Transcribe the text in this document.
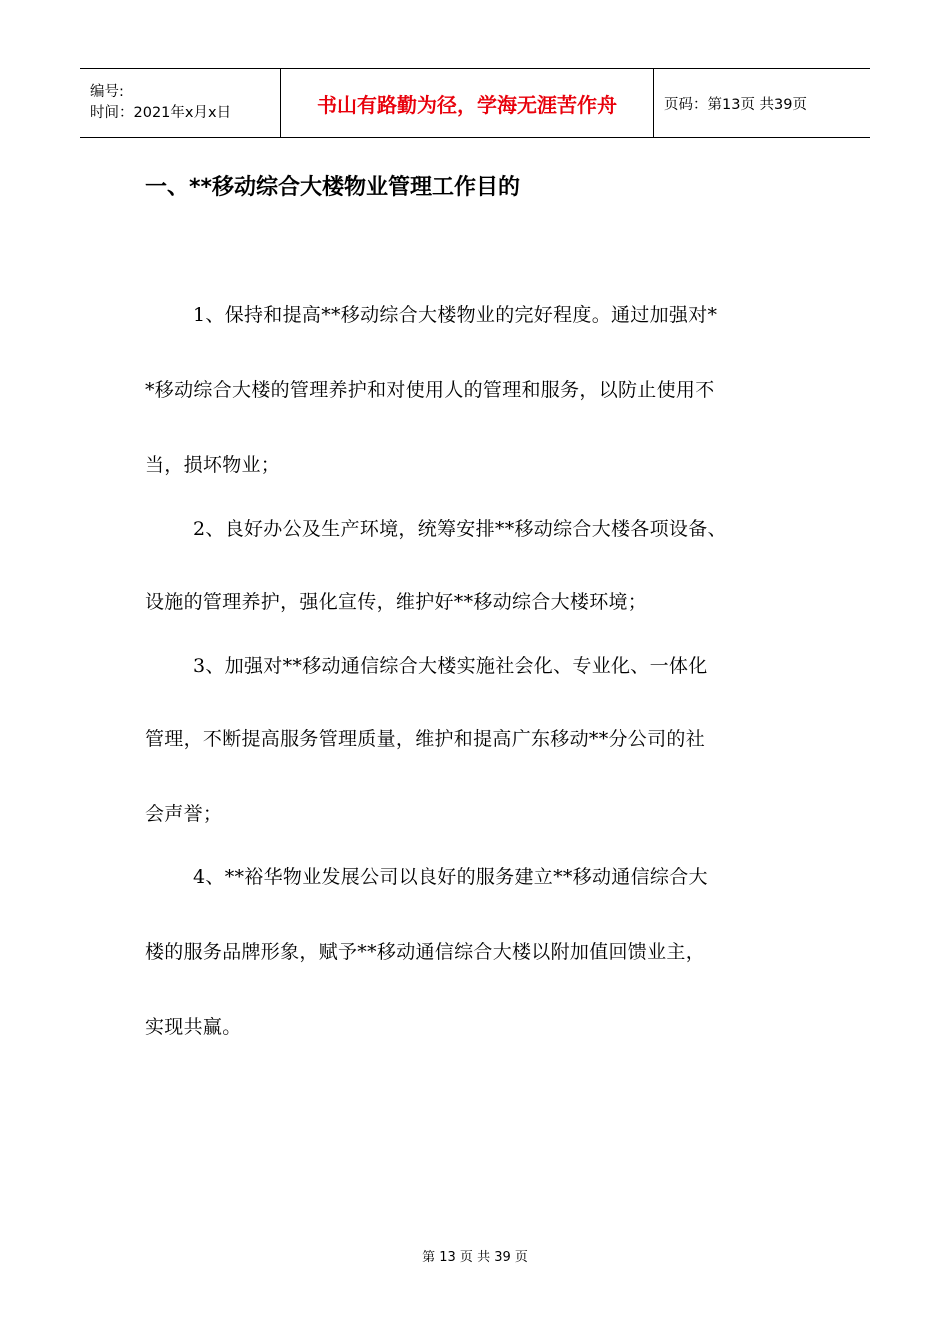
编号:
时间：2021年x月x日	书山有路勤为径，学海无涯苦作舟	页码：第13页 共39页
一、**移动综合大楼物业管理工作目的
1、保持和提高**移动综合大楼物业的完好程度。通过加强对*
*移动综合大楼的管理养护和对使用人的管理和服务，以防止使用不
当，损坏物业；
2、良好办公及生产环境，统筹安排**移动综合大楼各项设备、
设施的管理养护，强化宣传，维护好**移动综合大楼环境；
3、加强对**移动通信综合大楼实施社会化、专业化、一体化
管理，不断提高服务管理质量，维护和提高广东移动**分公司的社
会声誉；
4、**裕华物业发展公司以良好的服务建立**移动通信综合大
楼的服务品牌形象，赋予**移动通信综合大楼以附加值回馈业主，
实现共赢。
第 13 页 共 39 页
